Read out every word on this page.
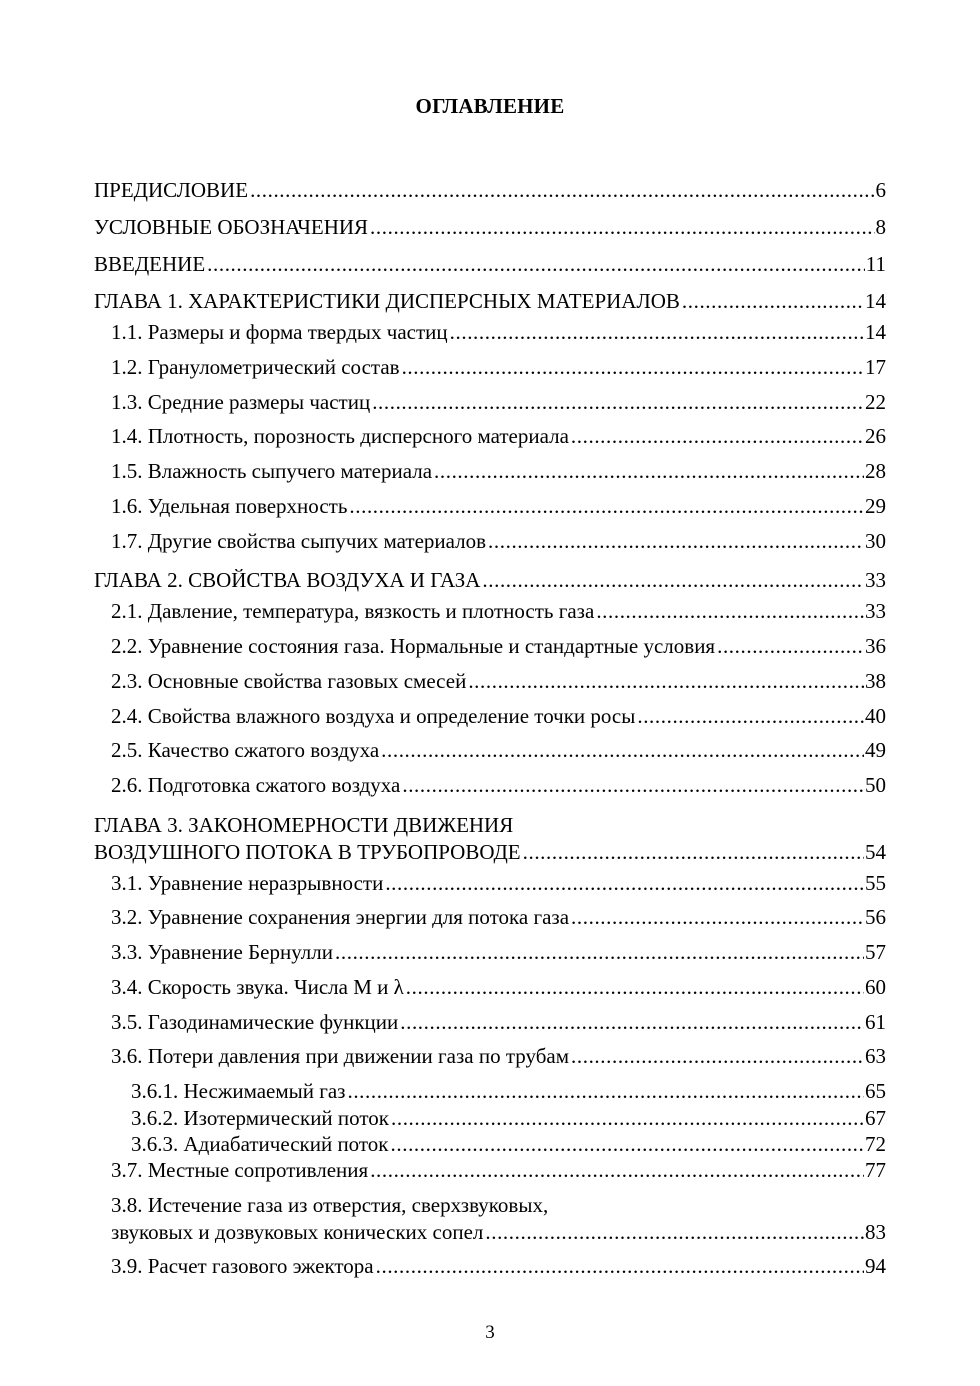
ОГЛАВЛЕНИЕ
ПРЕДИСЛОВИЕ .....	6
УСЛОВНЫЕ ОБОЗНАЧЕНИЯ .....	8
ВВЕДЕНИЕ .....	11
ГЛАВА 1. ХАРАКТЕРИСТИКИ ДИСПЕРСНЫХ МАТЕРИАЛОВ .....	14
1.1. Размеры и форма твердых частиц .....	14
1.2. Гранулометрический состав .....	17
1.3. Средние размеры частиц .....	22
1.4. Плотность, порозность дисперсного материала .....	26
1.5. Влажность сыпучего материала .....	28
1.6. Удельная поверхность .....	29
1.7. Другие свойства сыпучих материалов .....	30
ГЛАВА 2. СВОЙСТВА ВОЗДУХА И ГАЗА .....	33
2.1. Давление, температура, вязкость и плотность газа .....	33
2.2. Уравнение состояния газа. Нормальные и стандартные условия .....	36
2.3. Основные свойства газовых смесей .....	38
2.4. Свойства влажного воздуха и определение точки росы .....	40
2.5. Качество сжатого воздуха .....	49
2.6. Подготовка сжатого воздуха .....	50
ГЛАВА 3. ЗАКОНОМЕРНОСТИ ДВИЖЕНИЯ
ВОЗДУШНОГО ПОТОКА В ТРУБОПРОВОДЕ .....	54
3.1. Уравнение неразрывности .....	55
3.2. Уравнение сохранения энергии для потока газа .....	56
3.3. Уравнение Бернулли .....	57
3.4. Скорость звука. Числа М и λ .....	60
3.5. Газодинамические функции .....	61
3.6. Потери давления при движении газа по трубам .....	63
3.6.1. Несжимаемый газ .....	65
3.6.2. Изотермический поток .....	67
3.6.3. Адиабатический поток .....	72
3.7. Местные сопротивления .....	77
3.8. Истечение газа из отверстия, сверхзвуковых,
звуковых и дозвуковых конических сопел .....	83
3.9. Расчет газового эжектора .....	94
3
